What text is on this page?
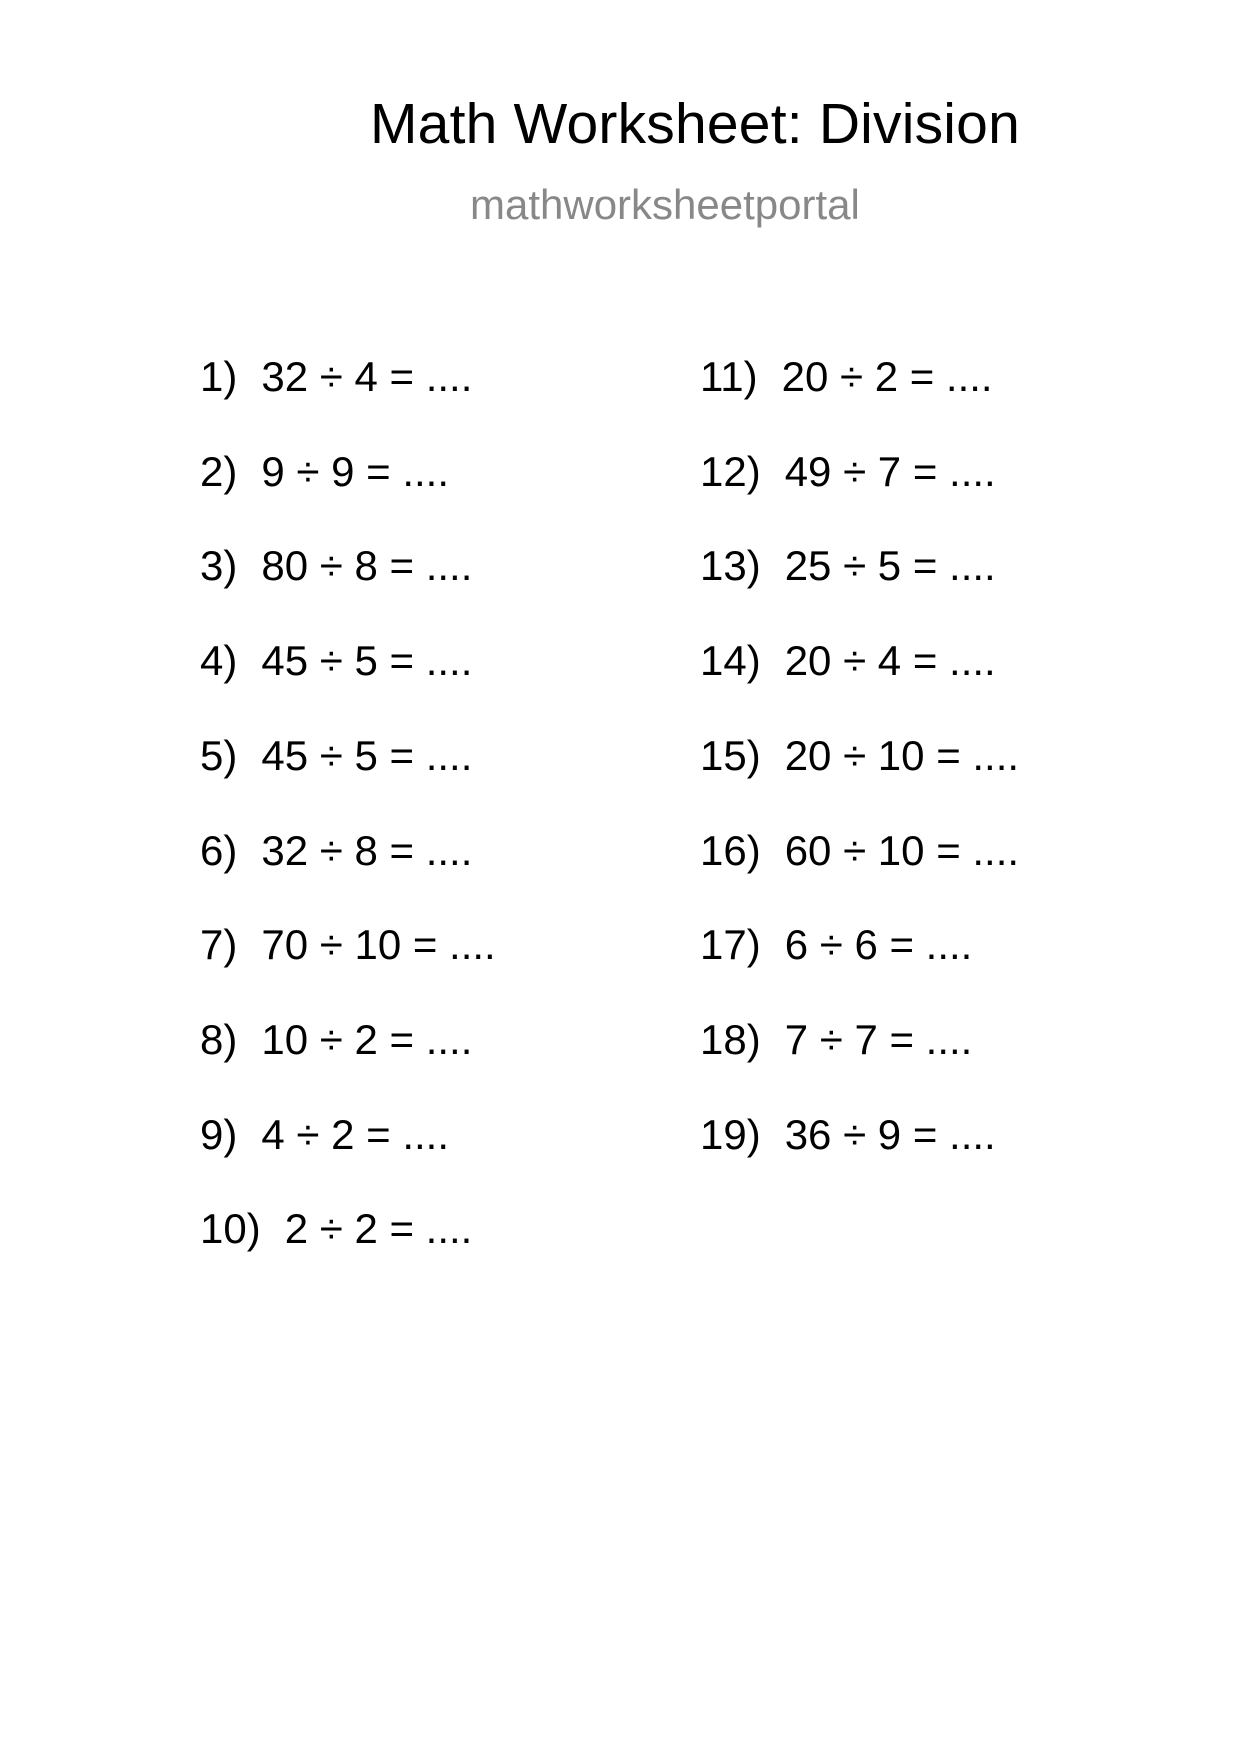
Math Worksheet: Division
mathworksheetportal
1) 32 ÷ 4 = ....
2) 9 ÷ 9 = ....
3) 80 ÷ 8 = ....
4) 45 ÷ 5 = ....
5) 45 ÷ 5 = ....
6) 32 ÷ 8 = ....
7) 70 ÷ 10 = ....
8) 10 ÷ 2 = ....
9) 4 ÷ 2 = ....
10) 2 ÷ 2 = ....
11) 20 ÷ 2 = ....
12) 49 ÷ 7 = ....
13) 25 ÷ 5 = ....
14) 20 ÷ 4 = ....
15) 20 ÷ 10 = ....
16) 60 ÷ 10 = ....
17) 6 ÷ 6 = ....
18) 7 ÷ 7 = ....
19) 36 ÷ 9 = ....
